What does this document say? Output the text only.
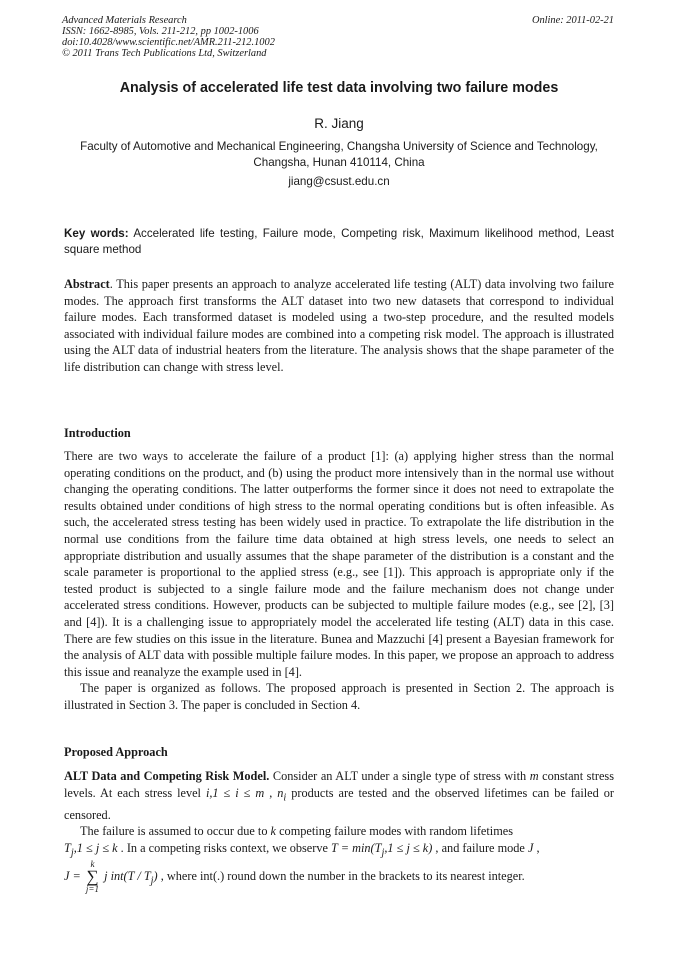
Advanced Materials Research
ISSN: 1662-8985, Vols. 211-212, pp 1002-1006
doi:10.4028/www.scientific.net/AMR.211-212.1002
© 2011 Trans Tech Publications Ltd, Switzerland
Online: 2011-02-21
Analysis of accelerated life test data involving two failure modes
R. Jiang
Faculty of Automotive and Mechanical Engineering, Changsha University of Science and Technology, Changsha, Hunan 410114, China
jiang@csust.edu.cn
Key words: Accelerated life testing, Failure mode, Competing risk, Maximum likelihood method, Least square method
Abstract. This paper presents an approach to analyze accelerated life testing (ALT) data involving two failure modes. The approach first transforms the ALT dataset into two new datasets that correspond to individual failure modes. Each transformed dataset is modeled using a two-step procedure, and the resulted models associated with individual failure modes are combined into a competing risk model. The approach is illustrated using the ALT data of industrial heaters from the literature. The analysis shows that the shape parameter of the life distribution can change with stress level.
Introduction

There are two ways to accelerate the failure of a product [1]: (a) applying higher stress than the normal operating conditions on the product, and (b) using the product more intensively than in the normal use without changing the operating conditions. The latter outperforms the former since it does not need to extrapolate the results obtained under conditions of high stress to the normal operating conditions but is often infeasible. As such, the accelerated stress testing has been widely used in practice. To extrapolate the life distribution in the normal use conditions from the failure time data obtained at high stress levels, one needs to select an appropriate distribution and usually assumes that the shape parameter of the distribution is a constant and the scale parameter is proportional to the applied stress (e.g., see [1]). This approach is appropriate only if the tested product is subjected to a single failure mode and the failure mechanism does not change under accelerated stress conditions. However, products can be subjected to multiple failure modes (e.g., see [2], [3] and [4]). It is a challenging issue to appropriately model the accelerated life testing (ALT) data in this case. There are few studies on this issue in the literature. Bunea and Mazzuchi [4] present a Bayesian framework for the analysis of ALT data with possible multiple failure modes. In this paper, we propose an approach to address this issue and reanalyze the example used in [4].

The paper is organized as follows. The proposed approach is presented in Section 2. The approach is illustrated in Section 3. The paper is concluded in Section 4.

Proposed Approach

ALT Data and Competing Risk Model. Consider an ALT under a single type of stress with m constant stress levels. At each stress level i,1 ≤ i ≤ m , $n_i$ products are tested and the observed lifetimes can be failed or censored.

The failure is assumed to occur due to k competing failure modes with random lifetimes
$T_j,1 \le j \le k$ . In a competing risks context, we observe $T = \min(T_j,1 \le j \le k)$ , and failure mode J ,

J = k
∑
j=1 j $int(T / T_j)$ , where int(.) round down the number in the brackets to its nearest integer.
